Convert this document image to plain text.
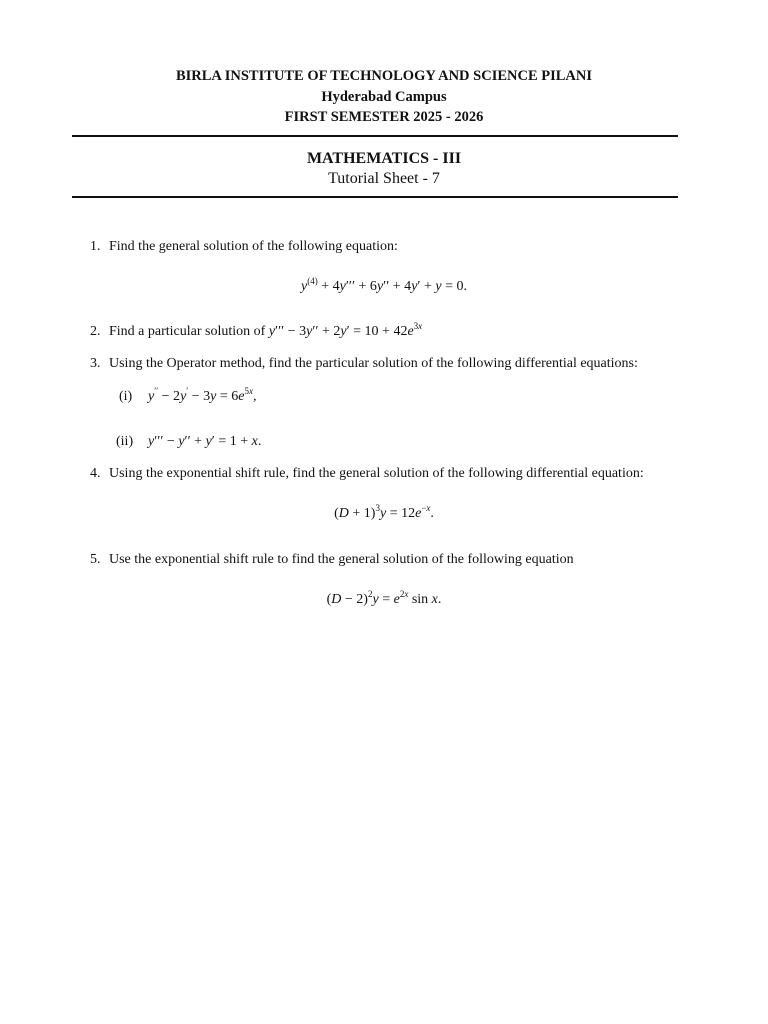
BIRLA INSTITUTE OF TECHNOLOGY AND SCIENCE PILANI
Hyderabad Campus
FIRST SEMESTER 2025 - 2026
MATHEMATICS - III
Tutorial Sheet - 7
1. Find the general solution of the following equation:
$y^{(4)} + 4y''' + 6y'' + 4y' + y = 0$.
2. Find a particular solution of $y''' - 3y'' + 2y' = 10 + 42e^{3x}$
3. Using the Operator method, find the particular solution of the following differential equations:
(i) $y'' - 2y' - 3y = 6e^{5x}$,
(ii) y′′′ − y′′ + y′ = 1 + x.
4. Using the exponential shift rule, find the general solution of the following differential equation:
$(D + 1)^3y = 12e^{-x}$.
5. Use the exponential shift rule to find the general solution of the following equation
$(D - 2)^2y = e^{2x}$ sin x.
